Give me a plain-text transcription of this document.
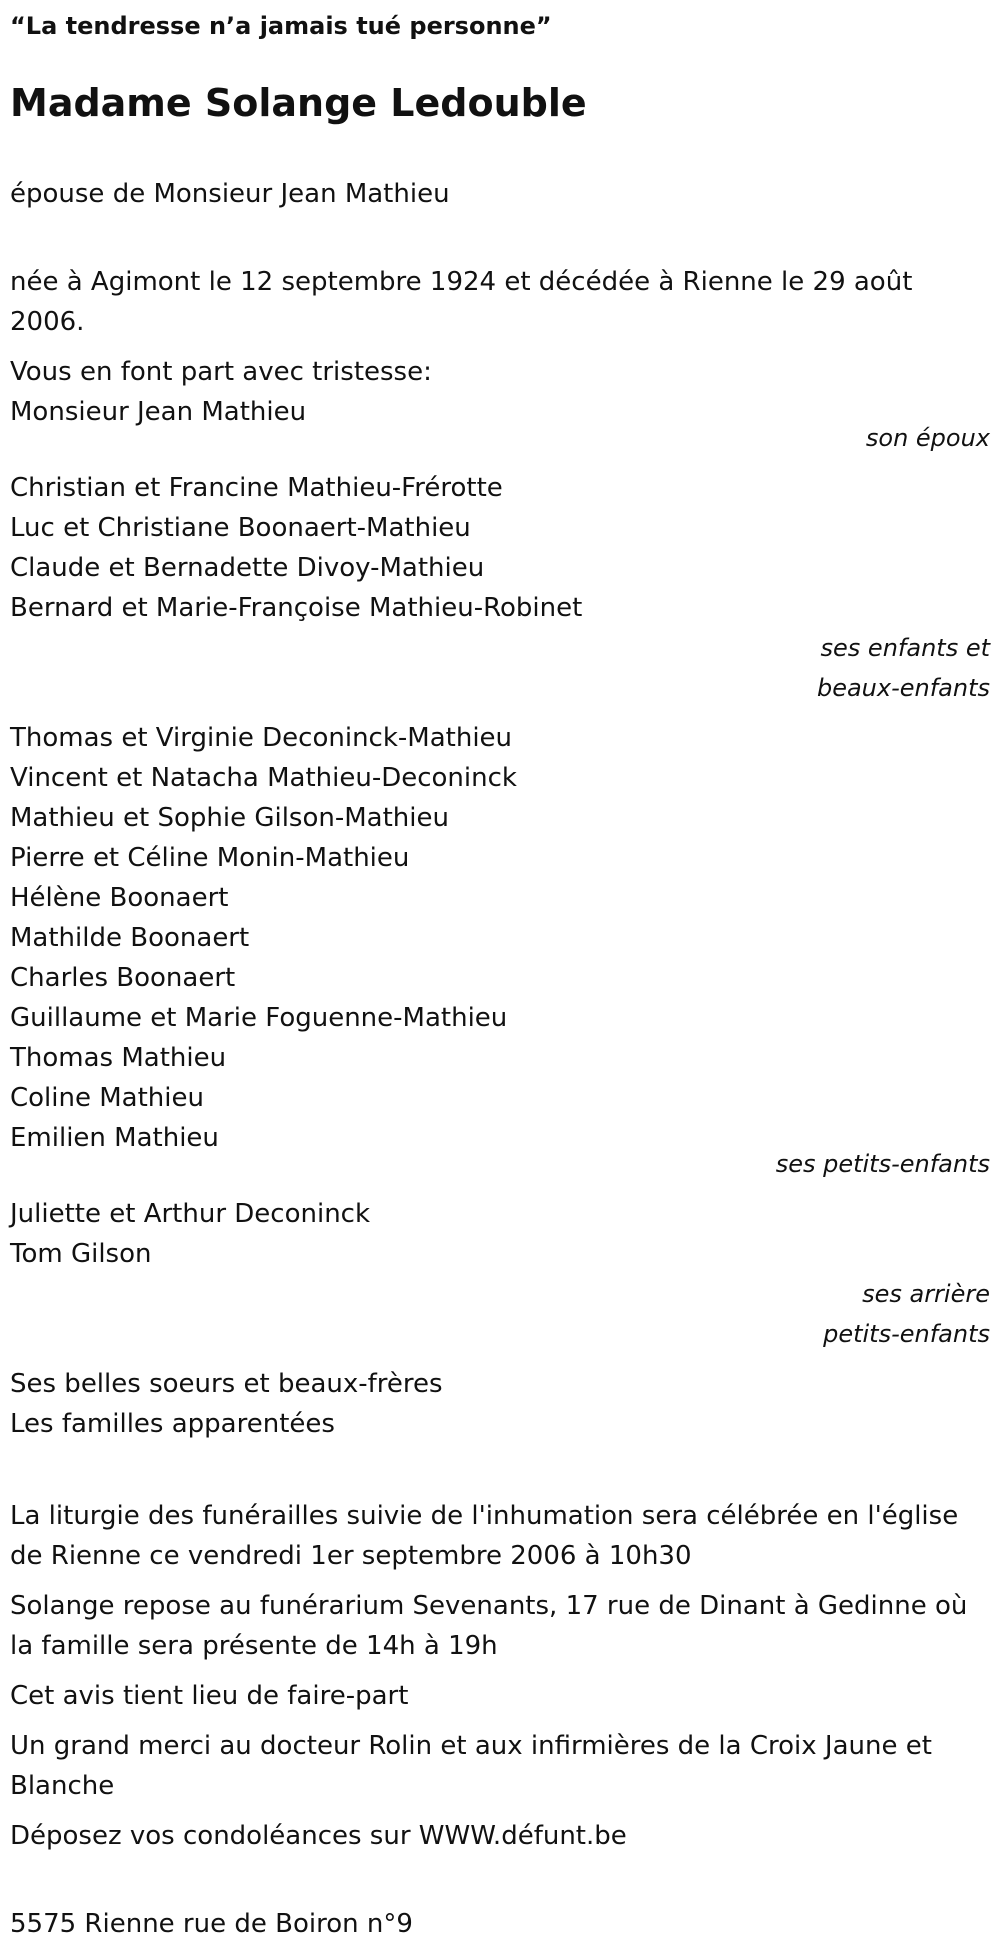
“La tendresse n’a jamais tué personne”

Madame Solange Ledouble

épouse de Monsieur Jean Mathieu

née à Agimont le 12 septembre 1924 et décédée à Rienne le 29 août 2006.

Vous en font part avec tristesse:

Monsieur Jean Mathieu

son époux

Christian et Francine Mathieu-Frérotte

Luc et Christiane Boonaert-Mathieu

Claude et Bernadette Divoy-Mathieu

Bernard et Marie-Françoise Mathieu-Robinet

ses enfants et beaux-enfants

Thomas et Virginie Deconinck-Mathieu

Vincent et Natacha Mathieu-Deconinck

Mathieu et Sophie Gilson-Mathieu

Pierre et Céline Monin-Mathieu

Hélène Boonaert

Mathilde Boonaert

Charles Boonaert

Guillaume et Marie Foguenne-Mathieu

Thomas Mathieu

Coline Mathieu

Emilien Mathieu

ses petits-enfants

Juliette et Arthur Deconinck

Tom Gilson

ses arrière petits-enfants

Ses belles soeurs et beaux-frères

Les familles apparentées

La liturgie des funérailles suivie de l'inhumation sera célébrée en l'église de Rienne ce vendredi 1er septembre 2006 à 10h30

Solange repose au funérarium Sevenants, 17 rue de Dinant à Gedinne où la famille sera présente de 14h à 19h

Cet avis tient lieu de faire-part

Un grand merci au docteur Rolin et aux infirmières de la Croix Jaune et Blanche

Déposez vos condoléances sur WWW.défunt.be

5575 Rienne rue de Boiron n°9
